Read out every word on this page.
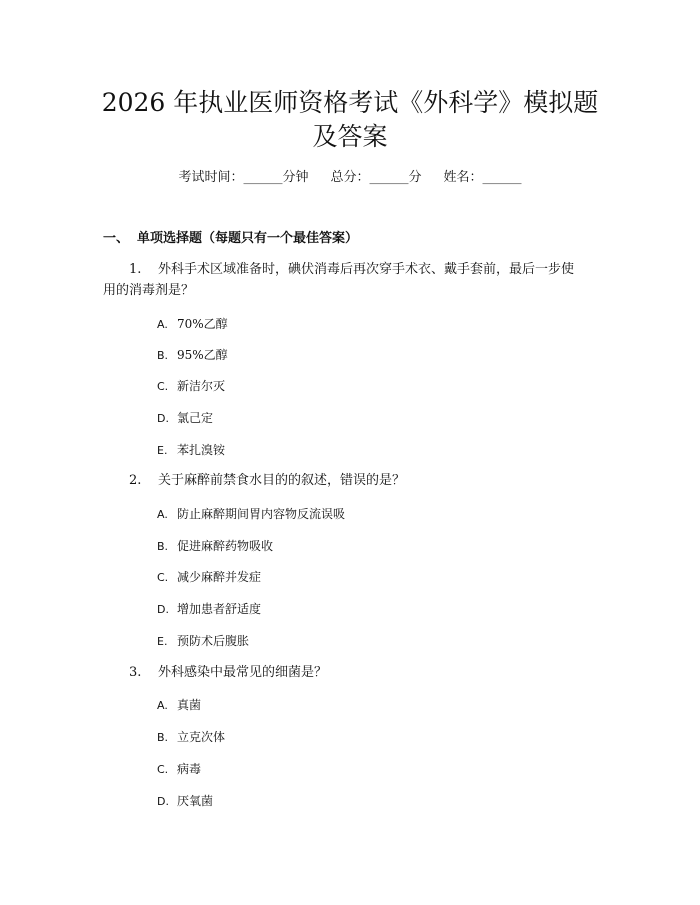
2026 年执业医师资格考试《外科学》模拟题
及答案
考试时间：______分钟 总分：______分 姓名：______
一、 单项选择题（每题只有一个最佳答案）
1. 外科手术区域准备时，碘伏消毒后再次穿手术衣、戴手套前，最后一步使
用的消毒剂是？
A. 70%乙醇
B. 95%乙醇
C. 新洁尔灭
D. 氯己定
E. 苯扎溴铵
2. 关于麻醉前禁食水目的的叙述，错误的是？
A. 防止麻醉期间胃内容物反流误吸
B. 促进麻醉药物吸收
C. 减少麻醉并发症
D. 增加患者舒适度
E. 预防术后腹胀
3. 外科感染中最常见的细菌是？
A. 真菌
B. 立克次体
C. 病毒
D. 厌氧菌
